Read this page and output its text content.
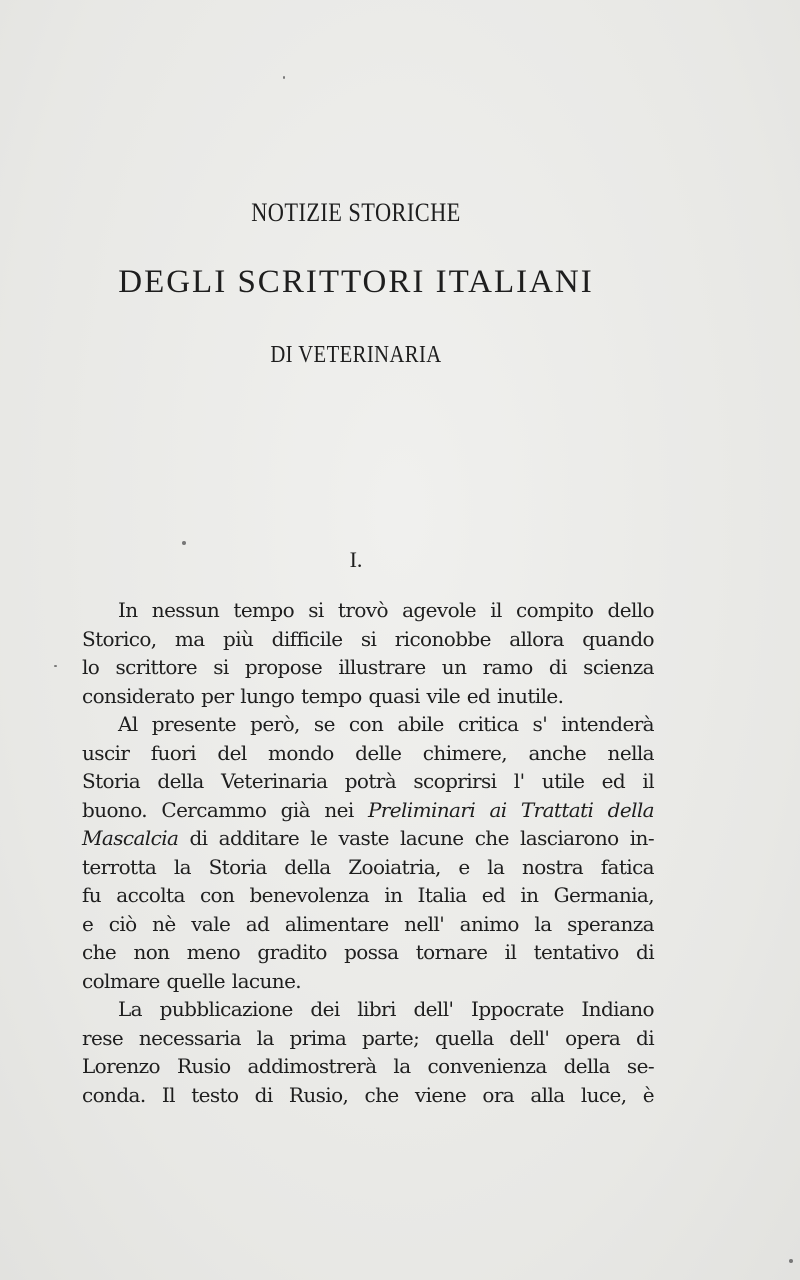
NOTIZIE STORICHE
DEGLI SCRITTORI ITALIANI
DI VETERINARIA
I.
In nessun tempo si trovò agevole il compito dello
Storico, ma più difficile si riconobbe allora quando
lo scrittore si propose illustrare un ramo di scienza
considerato per lungo tempo quasi vile ed inutile.
Al presente però, se con abile critica s' intenderà
uscir fuori del mondo delle chimere, anche nella
Storia della Veterinaria potrà scoprirsi l' utile ed il
buono. Cercammo già nei Preliminari ai Trattati della
Mascalcia di additare le vaste lacune che lasciarono in-
terrotta la Storia della Zooiatria, e la nostra fatica
fu accolta con benevolenza in Italia ed in Germania,
e ciò nè vale ad alimentare nell' animo la speranza
che non meno gradito possa tornare il tentativo di
colmare quelle lacune.
La pubblicazione dei libri dell' Ippocrate Indiano
rese necessaria la prima parte; quella dell' opera di
Lorenzo Rusio addimostrerà la convenienza della se-
conda. Il testo di Rusio, che viene ora alla luce, è
